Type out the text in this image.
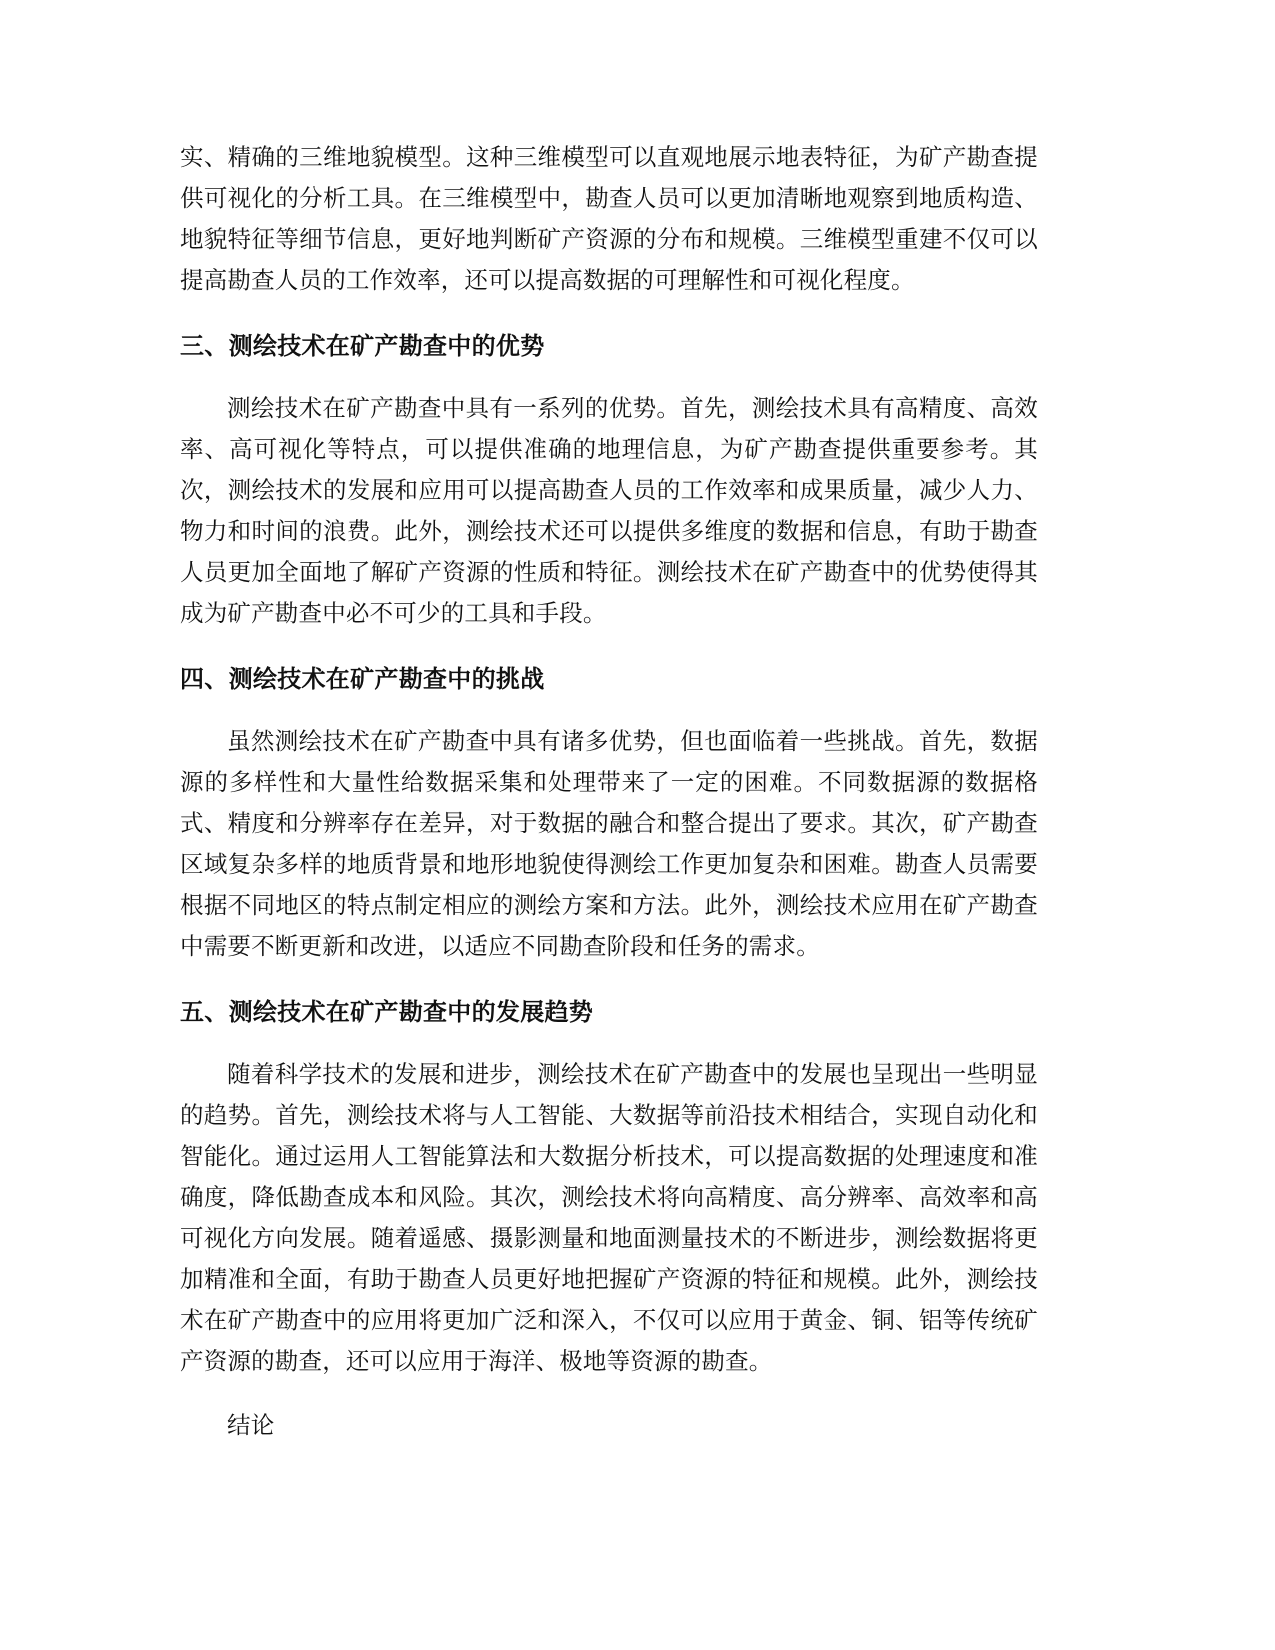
实、精确的三维地貌模型。这种三维模型可以直观地展示地表特征，为矿产勘查提供可视化的分析工具。在三维模型中，勘查人员可以更加清晰地观察到地质构造、地貌特征等细节信息，更好地判断矿产资源的分布和规模。三维模型重建不仅可以提高勘查人员的工作效率，还可以提高数据的可理解性和可视化程度。

三、测绘技术在矿产勘查中的优势

测绘技术在矿产勘查中具有一系列的优势。首先，测绘技术具有高精度、高效率、高可视化等特点，可以提供准确的地理信息，为矿产勘查提供重要参考。其次，测绘技术的发展和应用可以提高勘查人员的工作效率和成果质量，减少人力、物力和时间的浪费。此外，测绘技术还可以提供多维度的数据和信息，有助于勘查人员更加全面地了解矿产资源的性质和特征。测绘技术在矿产勘查中的优势使得其成为矿产勘查中必不可少的工具和手段。

四、测绘技术在矿产勘查中的挑战

虽然测绘技术在矿产勘查中具有诸多优势，但也面临着一些挑战。首先，数据源的多样性和大量性给数据采集和处理带来了一定的困难。不同数据源的数据格式、精度和分辨率存在差异，对于数据的融合和整合提出了要求。其次，矿产勘查区域复杂多样的地质背景和地形地貌使得测绘工作更加复杂和困难。勘查人员需要根据不同地区的特点制定相应的测绘方案和方法。此外，测绘技术应用在矿产勘查中需要不断更新和改进，以适应不同勘查阶段和任务的需求。

五、测绘技术在矿产勘查中的发展趋势

随着科学技术的发展和进步，测绘技术在矿产勘查中的发展也呈现出一些明显的趋势。首先，测绘技术将与人工智能、大数据等前沿技术相结合，实现自动化和智能化。通过运用人工智能算法和大数据分析技术，可以提高数据的处理速度和准确度，降低勘查成本和风险。其次，测绘技术将向高精度、高分辨率、高效率和高可视化方向发展。随着遥感、摄影测量和地面测量技术的不断进步，测绘数据将更加精准和全面，有助于勘查人员更好地把握矿产资源的特征和规模。此外，测绘技术在矿产勘查中的应用将更加广泛和深入，不仅可以应用于黄金、铜、铝等传统矿产资源的勘查，还可以应用于海洋、极地等资源的勘查。

结论
